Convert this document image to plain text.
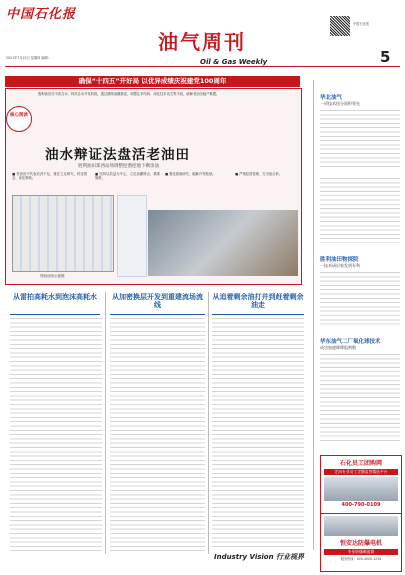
中国石化报
2021年7月15日 星期四 编辑：
油气周刊
Oil & Gas Weekly
中国石化报
5
确保“十四五”开好局 以优异成绩庆祝建党100周年
胜利油田在中高含水、特高含水开发阶段，通过精细油藏描述、调整注采结构、深化技术攻关等手段，破解老油田稳产难题。
核心阅读
油水辩证法盘活老油田
胜利油田郑西站场调整挖潜挖地下剩余油
■ 老油田不代表后劲不足，重在立足研究，转变观念、优化策略。
■ 坚持以效益为中心，立足油藏特点，精准施策。
■ 强化基础研究，破解开发瓶颈。	■ 严格经营管理，打出组合拳。
郑西油田示意图
从雷拍高耗水到泡沫高耗水	从加密换层开发到重建流场流线
从追着剩余油打井到赶着剩余油走
华北油气
一项技术扭分面积领先
胜利油田物探院
一技术研层家发明专利
华东油气二厂氧化球技术
成功加速降摩阻剂数
石化员工团购网
定向专业员工定额直营精选平台
400-790-0109
恒安达防爆电机
专业防爆制造商
服务热线：400-4000-1234
Industry Vision 行业视界
